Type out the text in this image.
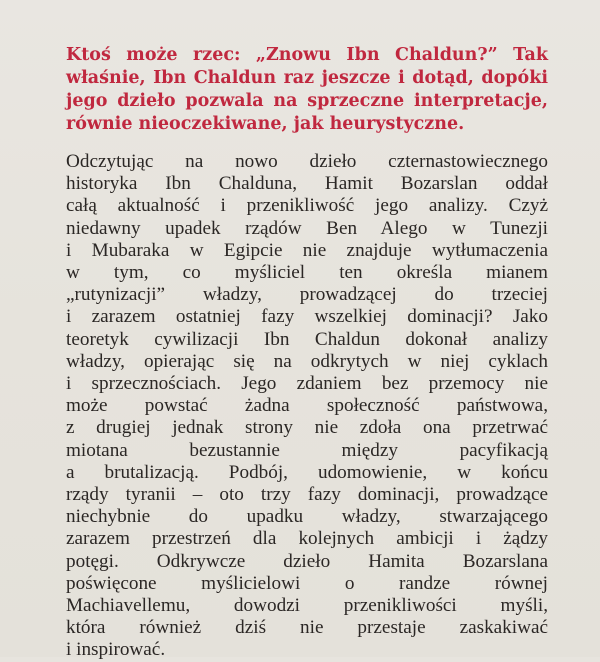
Ktoś może rzec: „Znowu Ibn Chaldun?” Tak
właśnie, Ibn Chaldun raz jeszcze i dotąd, dopóki
jego dzieło pozwala na sprzeczne interpretacje,
równie nieoczekiwane, jak heurystyczne.
Odczytując na nowo dzieło czternastowiecznego
historyka Ibn Chalduna, Hamit Bozarslan oddał
całą aktualność i przenikliwość jego analizy. Czyż
niedawny upadek rządów Ben Alego w Tunezji
i Mubaraka w Egipcie nie znajduje wytłumaczenia
w tym, co myśliciel ten określa mianem
„rutynizacji” władzy, prowadzącej do trzeciej
i zarazem ostatniej fazy wszelkiej dominacji? Jako
teoretyk cywilizacji Ibn Chaldun dokonał analizy
władzy, opierając się na odkrytych w niej cyklach
i sprzecznościach. Jego zdaniem bez przemocy nie
może powstać żadna społeczność państwowa,
z drugiej jednak strony nie zdoła ona przetrwać
miotana bezustannie między pacyfikacją
a brutalizacją. Podbój, udomowienie, w końcu
rządy tyranii – oto trzy fazy dominacji, prowadzące
niechybnie do upadku władzy, stwarzającego
zarazem przestrzeń dla kolejnych ambicji i żądzy
potęgi. Odkrywcze dzieło Hamita Bozarslana
poświęcone myślicielowi o randze równej
Machiavellemu, dowodzi przenikliwości myśli,
która również dziś nie przestaje zaskakiwać
i inspirować.
